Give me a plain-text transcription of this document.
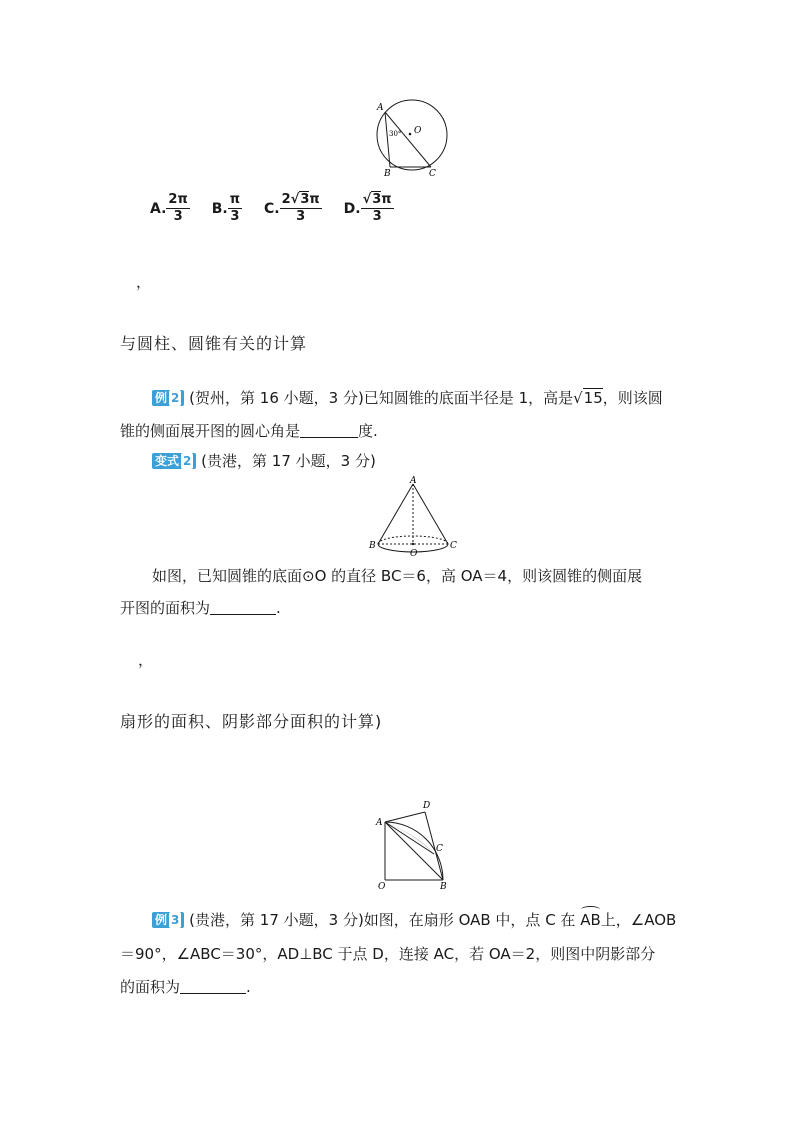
A
B	C
O
30°
A. $\frac{2\pi}{3} B$. $\frac{\pi}{3} C$. $\frac{2√3\pi}{3} D$. $\frac{√3\pi}{3}$
，
与圆柱、圆锥有关的计算
例 2 (贺州，第 16 小题，3 分)已知圆锥的底面半径是 1，高是√15，则该圆
锥的侧面展开图的圆心角是	度.
变式 2 (贵港，第 17 小题，3 分)
A
B	C
O
如图，已知圆锥的底面⊙O 的直径 BC＝6，高 OA＝4，则该圆锥的侧面展
开图的面积为	.
，
扇形的面积、阴影部分面积的计算)
A
D
C
O	B
例 3 (贵港，第 17 小题，3 分)如图，在扇形 OAB 中，点 C 在 AB上，∠AOB
＝90°，∠ABC＝30°，AD⊥BC 于点 D，连接 AC，若 OA＝2，则图中阴影部分
的面积为	.
